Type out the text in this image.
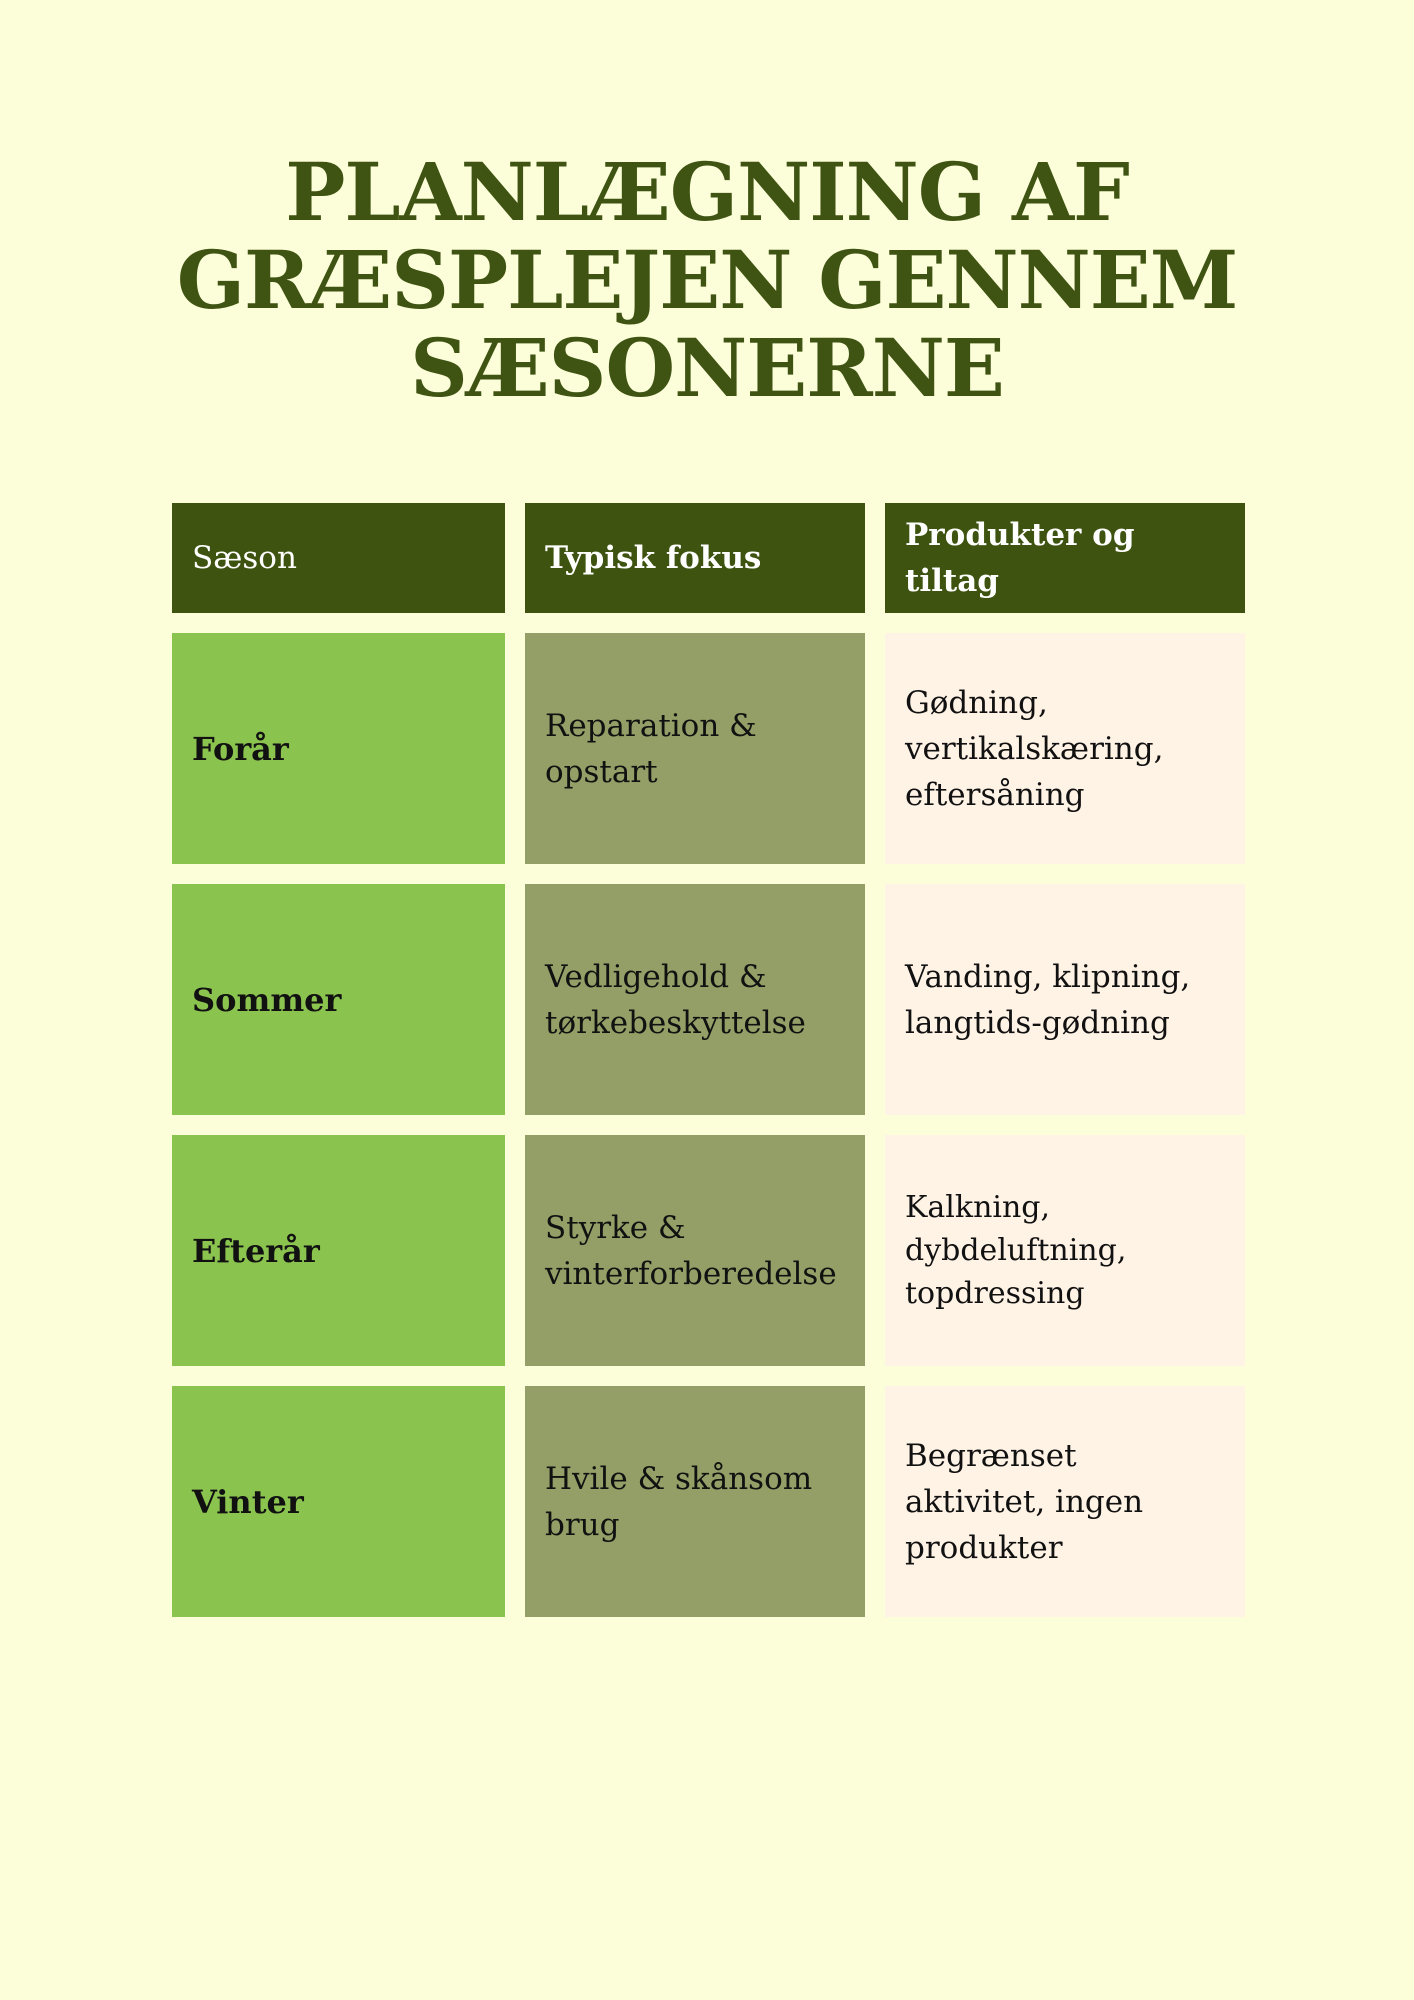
PLANLÆGNING AF GRÆSPLEJEN GENNEM SÆSONERNE
Sæson	Typisk fokus
Produkter og tiltag
Forår
Reparation & opstart
Gødning, vertikalskæring, eftersåning
Sommer
Vedligehold & tørkebeskyttelse
Vanding, klipning, langtids-gødning
Efterår
Styrke & vinterforberedelse
Kalkning, dybdeluftning, topdressing
Vinter
Hvile & skånsom brug
Begrænset aktivitet, ingen produkter
